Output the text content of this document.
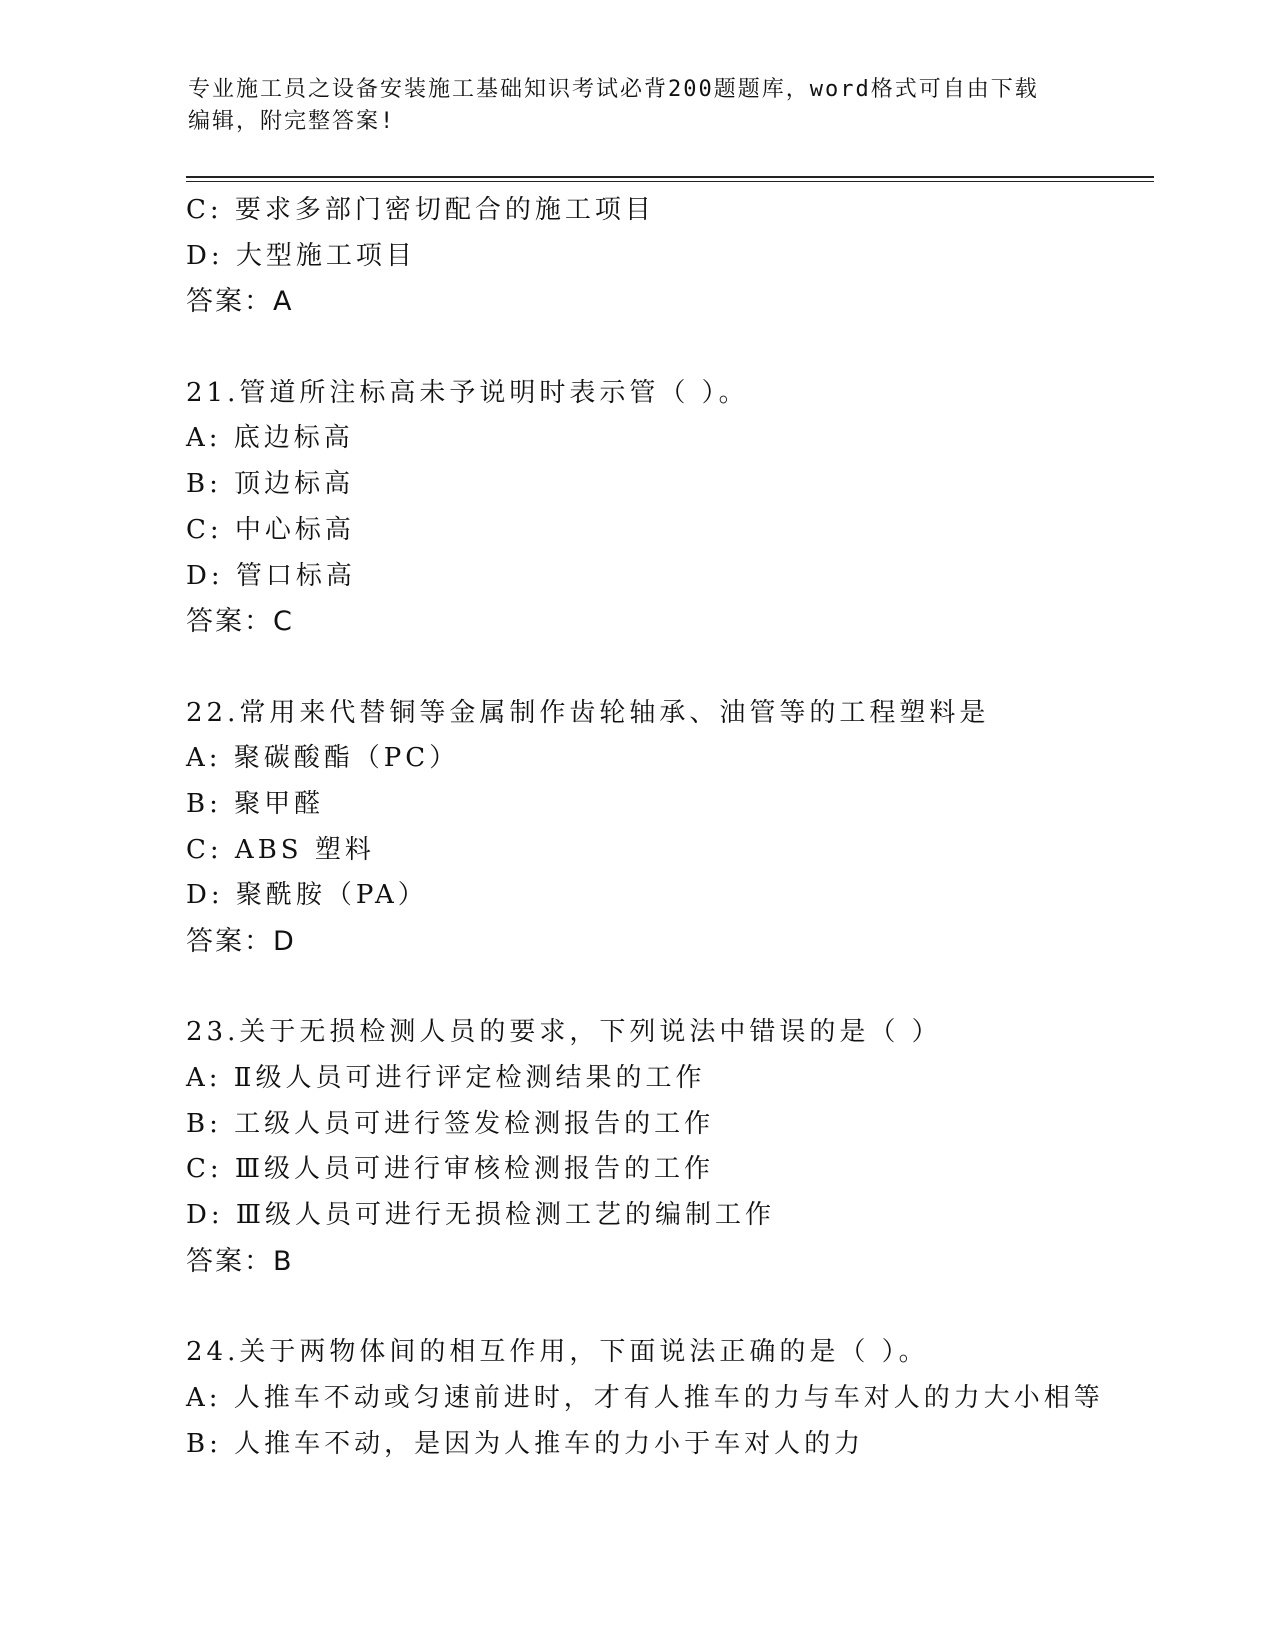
专业施工员之设备安装施工基础知识考试必背200题题库，word格式可自由下载
编辑，附完整答案!
C: 要求多部门密切配合的施工项目
D: 大型施工项目
答案：A
21.管道所注标高未予说明时表示管（ ）。
A: 底边标高
B: 顶边标高
C: 中心标高
D: 管口标高
答案：C
22.常用来代替铜等金属制作齿轮轴承、油管等的工程塑料是
A: 聚碳酸酯（PC）
B: 聚甲醛
C: ABS 塑料
D: 聚酰胺（PA）
答案：D
23.关于无损检测人员的要求，下列说法中错误的是（ ）
A: Ⅱ级人员可进行评定检测结果的工作
B: 工级人员可进行签发检测报告的工作
C: Ⅲ级人员可进行审核检测报告的工作
D: Ⅲ级人员可进行无损检测工艺的编制工作
答案：B
24.关于两物体间的相互作用，下面说法正确的是（ ）。
A: 人推车不动或匀速前进时，才有人推车的力与车对人的力大小相等
B: 人推车不动，是因为人推车的力小于车对人的力
